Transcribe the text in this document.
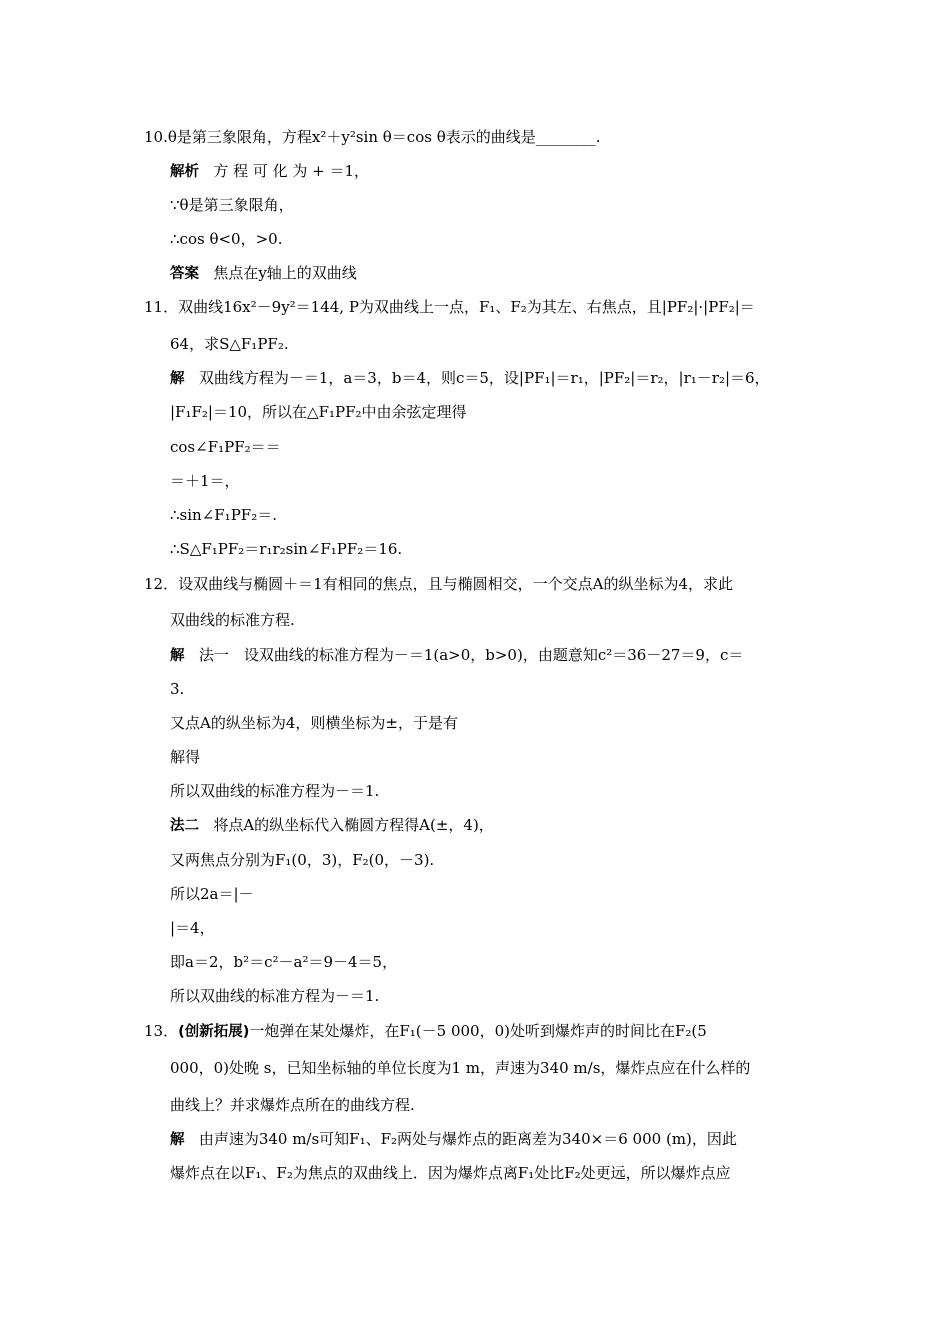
10.θ是第三象限角，方程x²＋y²sin θ＝cos θ表示的曲线是________.
解析 方 程 可 化 为 + ＝1，
∵θ是第三象限角，
∴cos θ<0，>0.
答案 焦点在y轴上的双曲线
11．双曲线16x²－9y²＝144, P为双曲线上一点，F₁、F₂为其左、右焦点，且|PF₂|·|PF₂|＝
64，求S△F₁PF₂.
解 双曲线方程为－＝1，a＝3，b＝4，则c＝5，设|PF₁|＝r₁，|PF₂|＝r₂，|r₁－r₂|＝6，
|F₁F₂|＝10，所以在△F₁PF₂中由余弦定理得
cos∠F₁PF₂＝＝
＝＋1＝，
∴sin∠F₁PF₂＝.
∴S△F₁PF₂＝r₁r₂sin∠F₁PF₂＝16.
12．设双曲线与椭圆＋＝1有相同的焦点，且与椭圆相交，一个交点A的纵坐标为4，求此
双曲线的标准方程.
解 法一　设双曲线的标准方程为－＝1(a>0，b>0)，由题意知c²＝36－27＝9，c＝
3.
又点A的纵坐标为4，则横坐标为±，于是有
解得
所以双曲线的标准方程为－＝1.
法二 将点A的纵坐标代入椭圆方程得A(±，4)，
又两焦点分别为F₁(0，3)，F₂(0，－3).
所以2a＝|－
|＝4，
即a＝2，b²＝c²－a²＝9－4＝5，
所以双曲线的标准方程为－＝1.
13．(创新拓展)一炮弹在某处爆炸，在F₁(－5 000，0)处听到爆炸声的时间比在F₂(5
000，0)处晚 s，已知坐标轴的单位长度为1 m，声速为340 m/s，爆炸点应在什么样的
曲线上？并求爆炸点所在的曲线方程.
解 由声速为340 m/s可知F₁、F₂两处与爆炸点的距离差为340×＝6 000 (m)，因此
爆炸点在以F₁、F₂为焦点的双曲线上．因为爆炸点离F₁处比F₂处更远，所以爆炸点应
